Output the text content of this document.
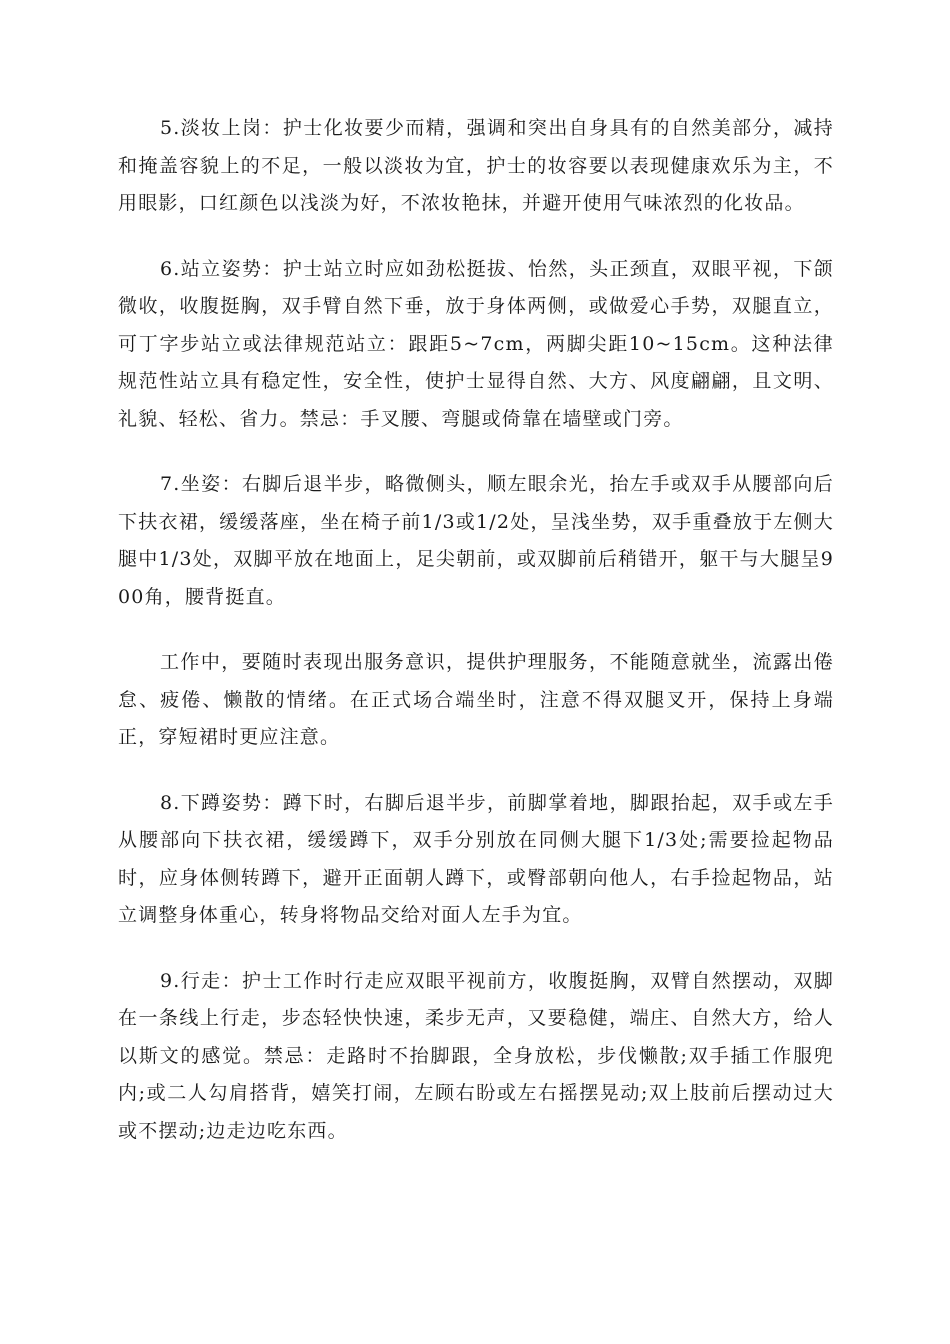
5.淡妆上岗：护士化妆要少而精，强调和突出自身具有的自然美部分，减持和掩盖容貌上的不足，一般以淡妆为宜，护士的妆容要以表现健康欢乐为主，不用眼影，口红颜色以浅淡为好，不浓妆艳抹，并避开使用气味浓烈的化妆品。

6.站立姿势：护士站立时应如劲松挺拔、怡然，头正颈直，双眼平视，下颌微收，收腹挺胸，双手臂自然下垂，放于身体两侧，或做爱心手势，双腿直立，可丁字步站立或法律规范站立：跟距5~7cm，两脚尖距10~15cm。这种法律规范性站立具有稳定性，安全性，使护士显得自然、大方、风度翩翩，且文明、礼貌、轻松、省力。禁忌：手叉腰、弯腿或倚靠在墙壁或门旁。

7.坐姿：右脚后退半步，略微侧头，顺左眼余光，抬左手或双手从腰部向后下扶衣裙，缓缓落座，坐在椅子前1/3或1/2处，呈浅坐势，双手重叠放于左侧大腿中1/3处，双脚平放在地面上，足尖朝前，或双脚前后稍错开，躯干与大腿呈900角，腰背挺直。

工作中，要随时表现出服务意识，提供护理服务，不能随意就坐，流露出倦怠、疲倦、懒散的情绪。在正式场合端坐时，注意不得双腿叉开，保持上身端正，穿短裙时更应注意。

8.下蹲姿势：蹲下时，右脚后退半步，前脚掌着地，脚跟抬起，双手或左手从腰部向下扶衣裙，缓缓蹲下，双手分别放在同侧大腿下1/3处;需要捡起物品时，应身体侧转蹲下，避开正面朝人蹲下，或臀部朝向他人，右手捡起物品，站立调整身体重心，转身将物品交给对面人左手为宜。

9.行走：护士工作时行走应双眼平视前方，收腹挺胸，双臂自然摆动，双脚在一条线上行走，步态轻快快速，柔步无声，又要稳健，端庄、自然大方，给人以斯文的感觉。禁忌：走路时不抬脚跟，全身放松，步伐懒散;双手插工作服兜内;或二人勾肩搭背，嬉笑打闹，左顾右盼或左右摇摆晃动;双上肢前后摆动过大或不摆动;边走边吃东西。
